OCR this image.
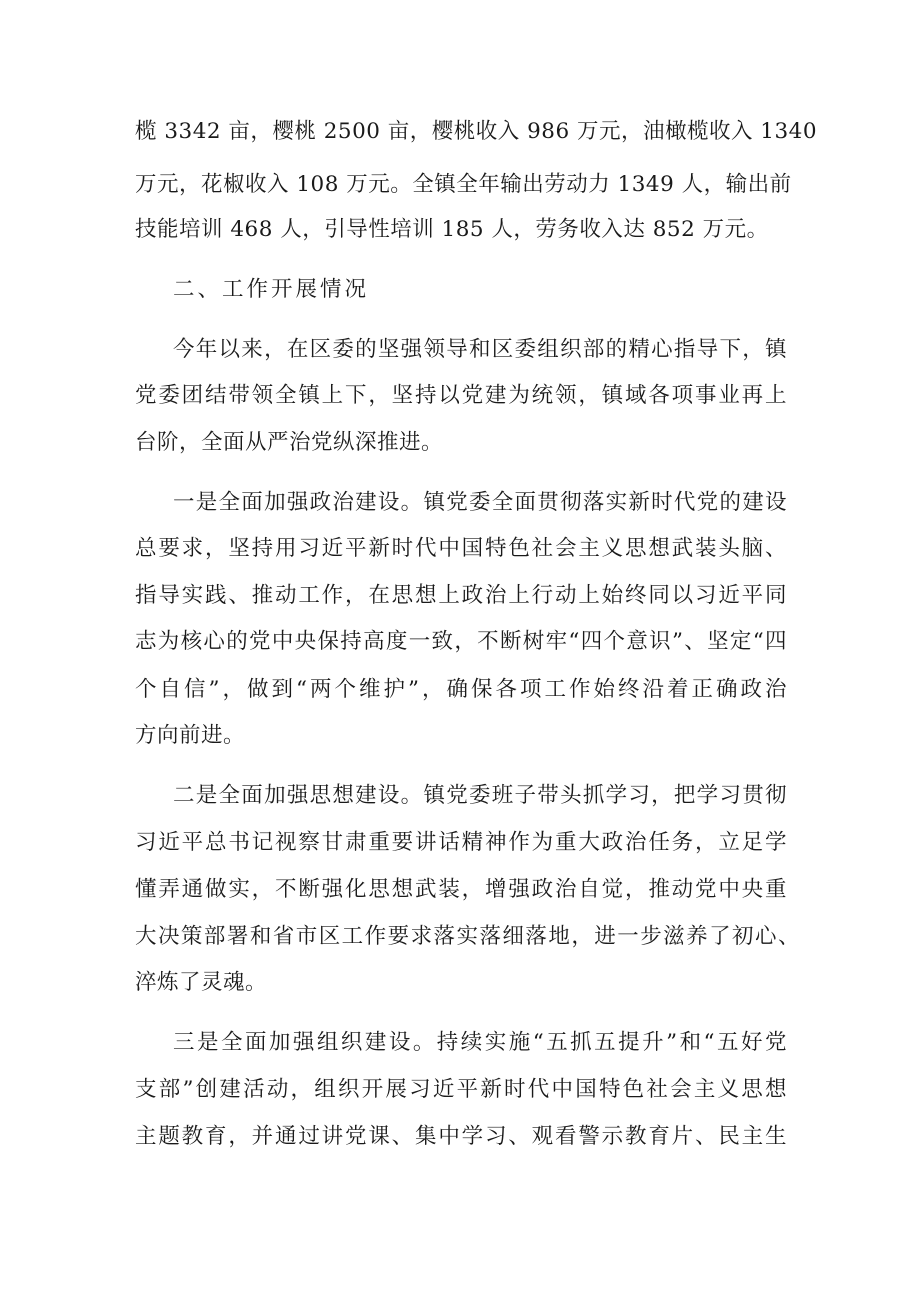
榄 3342 亩，樱桃 2500 亩，樱桃收入 986 万元，油橄榄收入 1340
万元，花椒收入 108 万元。全镇全年输出劳动力 1349 人，输出前
技能培训 468 人，引导性培训 185 人，劳务收入达 852 万元。
二、工作开展情况
今年以来，在区委的坚强领导和区委组织部的精心指导下，镇
党委团结带领全镇上下，坚持以党建为统领，镇域各项事业再上
台阶，全面从严治党纵深推进。
一是全面加强政治建设。镇党委全面贯彻落实新时代党的建设
总要求，坚持用习近平新时代中国特色社会主义思想武装头脑、
指导实践、推动工作，在思想上政治上行动上始终同以习近平同
志为核心的党中央保持高度一致，不断树牢“四个意识”、坚定“四
个自信”，做到“两个维护”，确保各项工作始终沿着正确政治
方向前进。
二是全面加强思想建设。镇党委班子带头抓学习，把学习贯彻
习近平总书记视察甘肃重要讲话精神作为重大政治任务，立足学
懂弄通做实，不断强化思想武装，增强政治自觉，推动党中央重
大决策部署和省市区工作要求落实落细落地，进一步滋养了初心、
淬炼了灵魂。
三是全面加强组织建设。持续实施“五抓五提升”和“五好党
支部”创建活动，组织开展习近平新时代中国特色社会主义思想
主题教育，并通过讲党课、集中学习、观看警示教育片、民主生
